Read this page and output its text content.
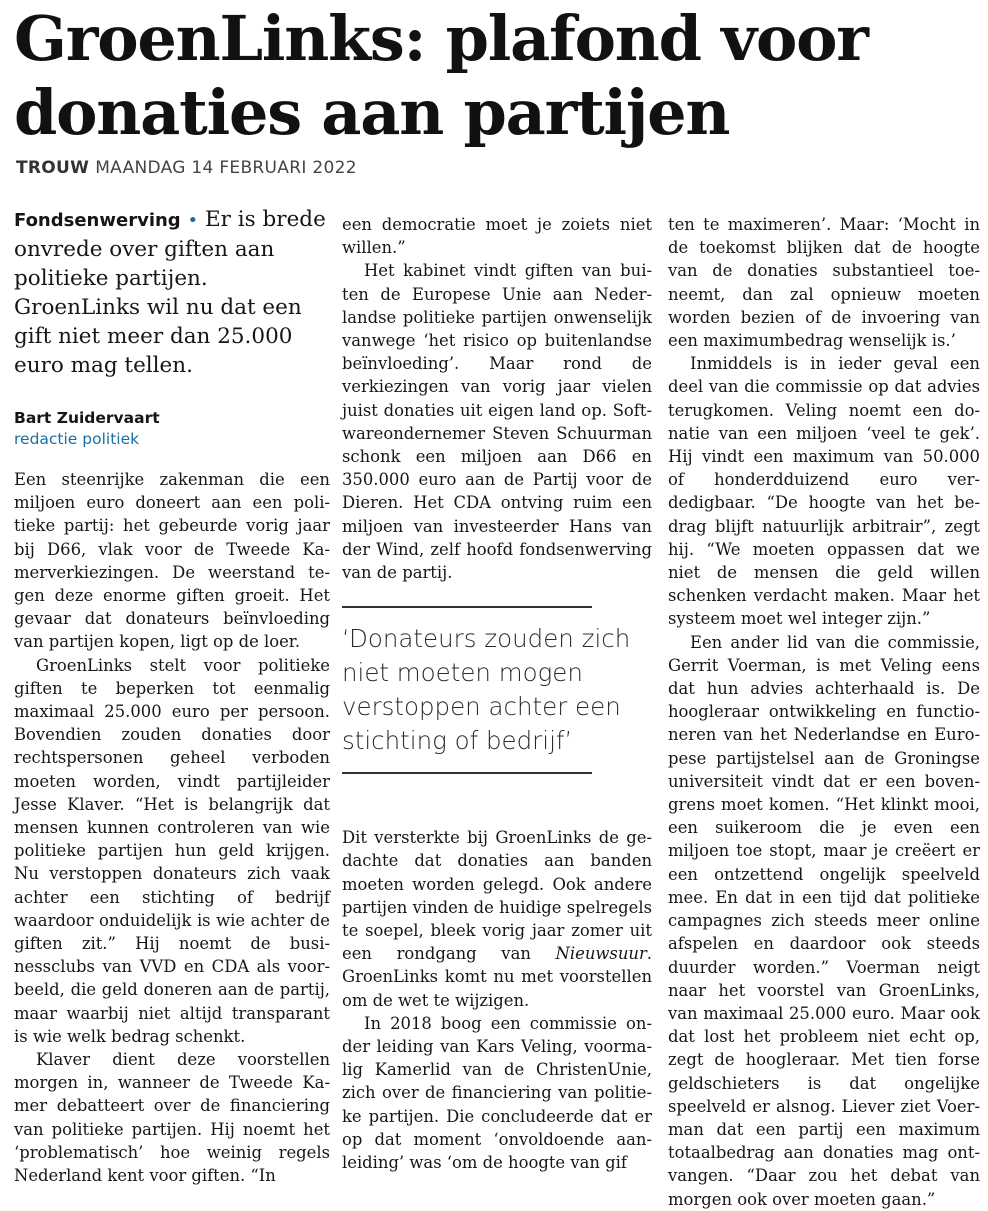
GroenLinks: plafond voor
donaties aan partijen
TROUW MAANDAG 14 FEBRUARI 2022

Fondsenwerving • Er is brede onvrede over giften aan politieke partijen. GroenLinks wil nu dat een gift niet meer dan 25.000 euro mag tellen.

Bart Zuidervaart
redactie politiek

Een steenrijke zakenman die een miljoen euro doneert aan een politieke partij: het gebeurde vorig jaar bij D66, vlak voor de Tweede Kamerverkiezingen. De weerstand tegen deze enorme giften groeit. Het gevaar dat donateurs beïnvloeding van partijen kopen, ligt op de loer.

GroenLinks stelt voor politieke giften te beperken tot eenmalig maximaal 25.000 euro per persoon. Bovendien zouden donaties door rechtspersonen geheel verboden moeten worden, vindt partijleider Jesse Klaver. “Het is belangrijk dat mensen kunnen controleren van wie politieke partijen hun geld krijgen. Nu verstoppen donateurs zich vaak achter een stichting of bedrijf waardoor onduidelijk is wie achter de giften zit.” Hij noemt de businessclubs van VVD en CDA als voorbeeld, die geld doneren aan de partij, maar waarbij niet altijd transparant is wie welk bedrag schenkt.

Klaver dient deze voorstellen morgen in, wanneer de Tweede Kamer debatteert over de financiering van politieke partijen. Hij noemt het ‘problematisch’ hoe weinig regels Nederland kent voor giften. “In

een democratie moet je zoiets niet willen.”

Het kabinet vindt giften van buiten de Europese Unie aan Nederlandse politieke partijen onwenselijk vanwege ‘het risico op buitenlandse beïnvloeding’. Maar rond de verkiezingen van vorig jaar vielen juist donaties uit eigen land op. Softwareondernemer Steven Schuurman schonk een miljoen aan D66 en 350.000 euro aan de Partij voor de Dieren. Het CDA ontving ruim een miljoen van investeerder Hans van der Wind, zelf hoofd fondsenwerving van de partij.

‘Donateurs zouden zich niet moeten mogen verstoppen achter een stichting of bedrijf’

Dit versterkte bij GroenLinks de gedachte dat donaties aan banden moeten worden gelegd. Ook andere partijen vinden de huidige spelregels te soepel, bleek vorig jaar zomer uit een rondgang van Nieuwsuur. GroenLinks komt nu met voorstellen om de wet te wijzigen.

In 2018 boog een commissie onder leiding van Kars Veling, voormalig Kamerlid van de ChristenUnie, zich over de financiering van politieke partijen. Die concludeerde dat er op dat moment ‘onvoldoende aanleiding’ was ‘om de hoogte van gif

ten te maximeren’. Maar: ‘Mocht in de toekomst blijken dat de hoogte van de donaties substantieel toeneemt, dan zal opnieuw moeten worden bezien of de invoering van een maximumbedrag wenselijk is.’

Inmiddels is in ieder geval een deel van die commissie op dat advies terugkomen. Veling noemt een donatie van een miljoen ‘veel te gek’. Hij vindt een maximum van 50.000 of honderdduizend euro verdedigbaar. “De hoogte van het bedrag blijft natuurlijk arbitrair”, zegt hij. “We moeten oppassen dat we niet de mensen die geld willen schenken verdacht maken. Maar het systeem moet wel integer zijn.”

Een ander lid van die commissie, Gerrit Voerman, is met Veling eens dat hun advies achterhaald is. De hoogleraar ontwikkeling en functioneren van het Nederlandse en Europese partijstelsel aan de Groningse universiteit vindt dat er een bovengrens moet komen. “Het klinkt mooi, een suikeroom die je even een miljoen toe stopt, maar je creëert er een ontzettend ongelijk speelveld mee. En dat in een tijd dat politieke campagnes zich steeds meer online afspelen en daardoor ook steeds duurder worden.” Voerman neigt naar het voorstel van GroenLinks, van maximaal 25.000 euro. Maar ook dat lost het probleem niet echt op, zegt de hoogleraar. Met tien forse geldschieters is dat ongelijke speelveld er alsnog. Liever ziet Voerman dat een partij een maximum totaalbedrag aan donaties mag ontvangen. “Daar zou het debat van morgen ook over moeten gaan.”
